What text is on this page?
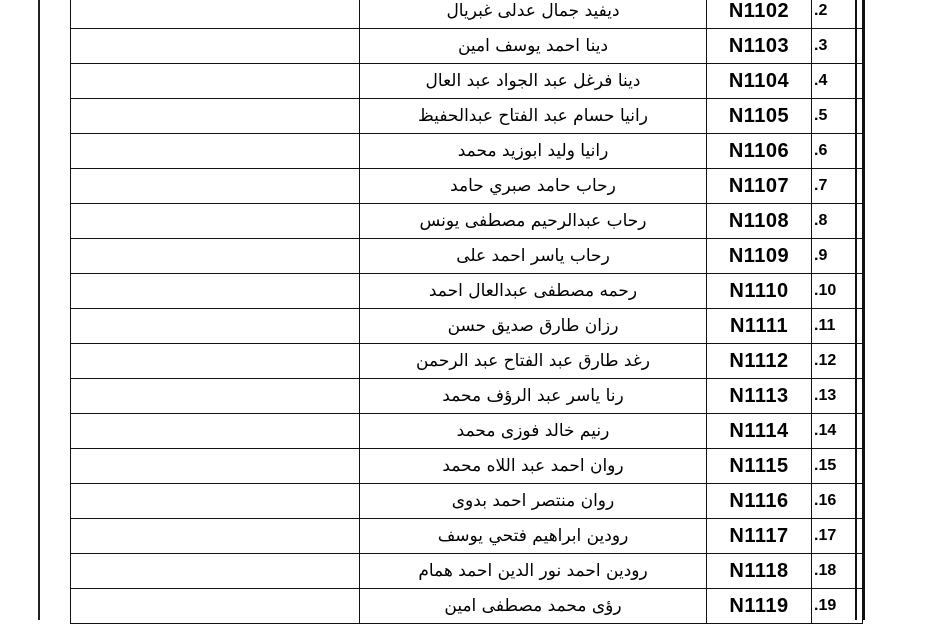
	ديفيد جمال عدلى غبريال	N1102	.2
	دينا احمد يوسف امين	N1103	.3
	دينا فرغل عبد الجواد عبد العال	N1104	.4
	رانيا حسام عبد الفتاح عبدالحفيظ	N1105	.5
	رانيا وليد ابوزيد محمد	N1106	.6
	رحاب حامد صبري حامد	N1107	.7
	رحاب عبدالرحيم مصطفى يونس	N1108	.8
	رحاب ياسر احمد على	N1109	.9
	رحمه مصطفى عبدالعال احمد	N1110	.10
	رزان طارق صديق حسن	N1111	.11
	رغد طارق عبد الفتاح عبد الرحمن	N1112	.12
	رنا ياسر عبد الرؤف محمد	N1113	.13
	رنيم خالد فوزى محمد	N1114	.14
	روان احمد عبد اللاه محمد	N1115	.15
	روان منتصر احمد بدوى	N1116	.16
	رودين ابراهيم فتحي يوسف	N1117	.17
	رودين احمد نور الدين احمد همام	N1118	.18
	رؤى محمد مصطفى امين	N1119	.19
